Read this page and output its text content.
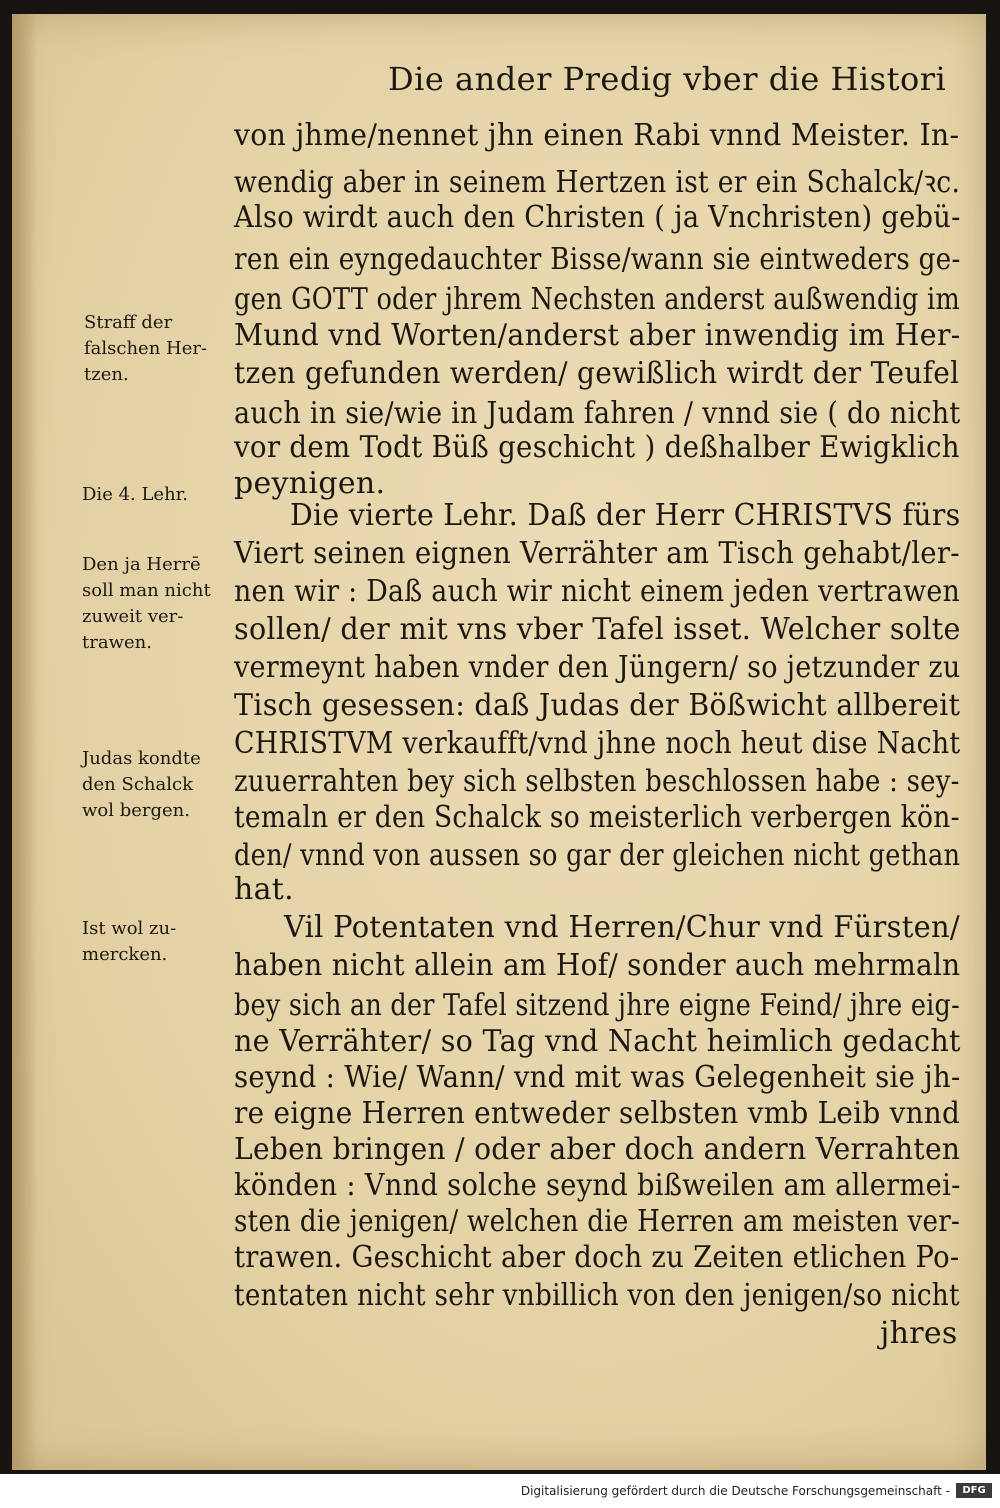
Die ander Predig vber die Histori
von jhme/nennet jhn einen Rabi vnnd Meister. In-
wendig aber in seinem Hertzen ist er ein Schalck/ꝛc.
Also wirdt auch den Christen ( ja Vnchristen) gebü-
ren ein eyngedauchter Bisse/wann sie eintweders ge-
gen GOTT oder jhrem Nechsten anderst außwendig im
Mund vnd Worten/anderst aber inwendig im Her-
tzen gefunden werden/ gewißlich wirdt der Teufel
auch in sie/wie in Judam fahren / vnnd sie ( do nicht
vor dem Todt Büß geschicht ) deßhalber Ewigklich
peynigen.
Die vierte Lehr. Daß der Herr CHRISTVS fürs
Viert seinen eignen Verrähter am Tisch gehabt/ler-
nen wir : Daß auch wir nicht einem jeden vertrawen
sollen/ der mit vns vber Tafel isset. Welcher solte
vermeynt haben vnder den Jüngern/ so jetzunder zu
Tisch gesessen: daß Judas der Bößwicht allbereit
CHRISTVM verkaufft/vnd jhne noch heut dise Nacht
zuuerrahten bey sich selbsten beschlossen habe : sey-
temaln er den Schalck so meisterlich verbergen kön-
den/ vnnd von aussen so gar der gleichen nicht gethan
hat.
Vil Potentaten vnd Herren/Chur vnd Fürsten/
haben nicht allein am Hof/ sonder auch mehrmaln
bey sich an der Tafel sitzend jhre eigne Feind/ jhre eig-
ne Verrähter/ so Tag vnd Nacht heimlich gedacht
seynd : Wie/ Wann/ vnd mit was Gelegenheit sie jh-
re eigne Herren entweder selbsten vmb Leib vnnd
Leben bringen / oder aber doch andern Verrahten
könden : Vnnd solche seynd bißweilen am allermei-
sten die jenigen/ welchen die Herren am meisten ver-
trawen. Geschicht aber doch zu Zeiten etlichen Po-
tentaten nicht sehr vnbillich von den jenigen/so nicht
jhres
Straff der
falschen Her-
tzen.
Die 4. Lehr.
Den ja Herrē
soll man nicht
zuweit ver-
trawen.
Judas kondte
den Schalck
wol bergen.
Ist wol zu-
mercken.
Digitalisierung gefördert durch die Deutsche Forschungsgemeinschaft -	DFG
